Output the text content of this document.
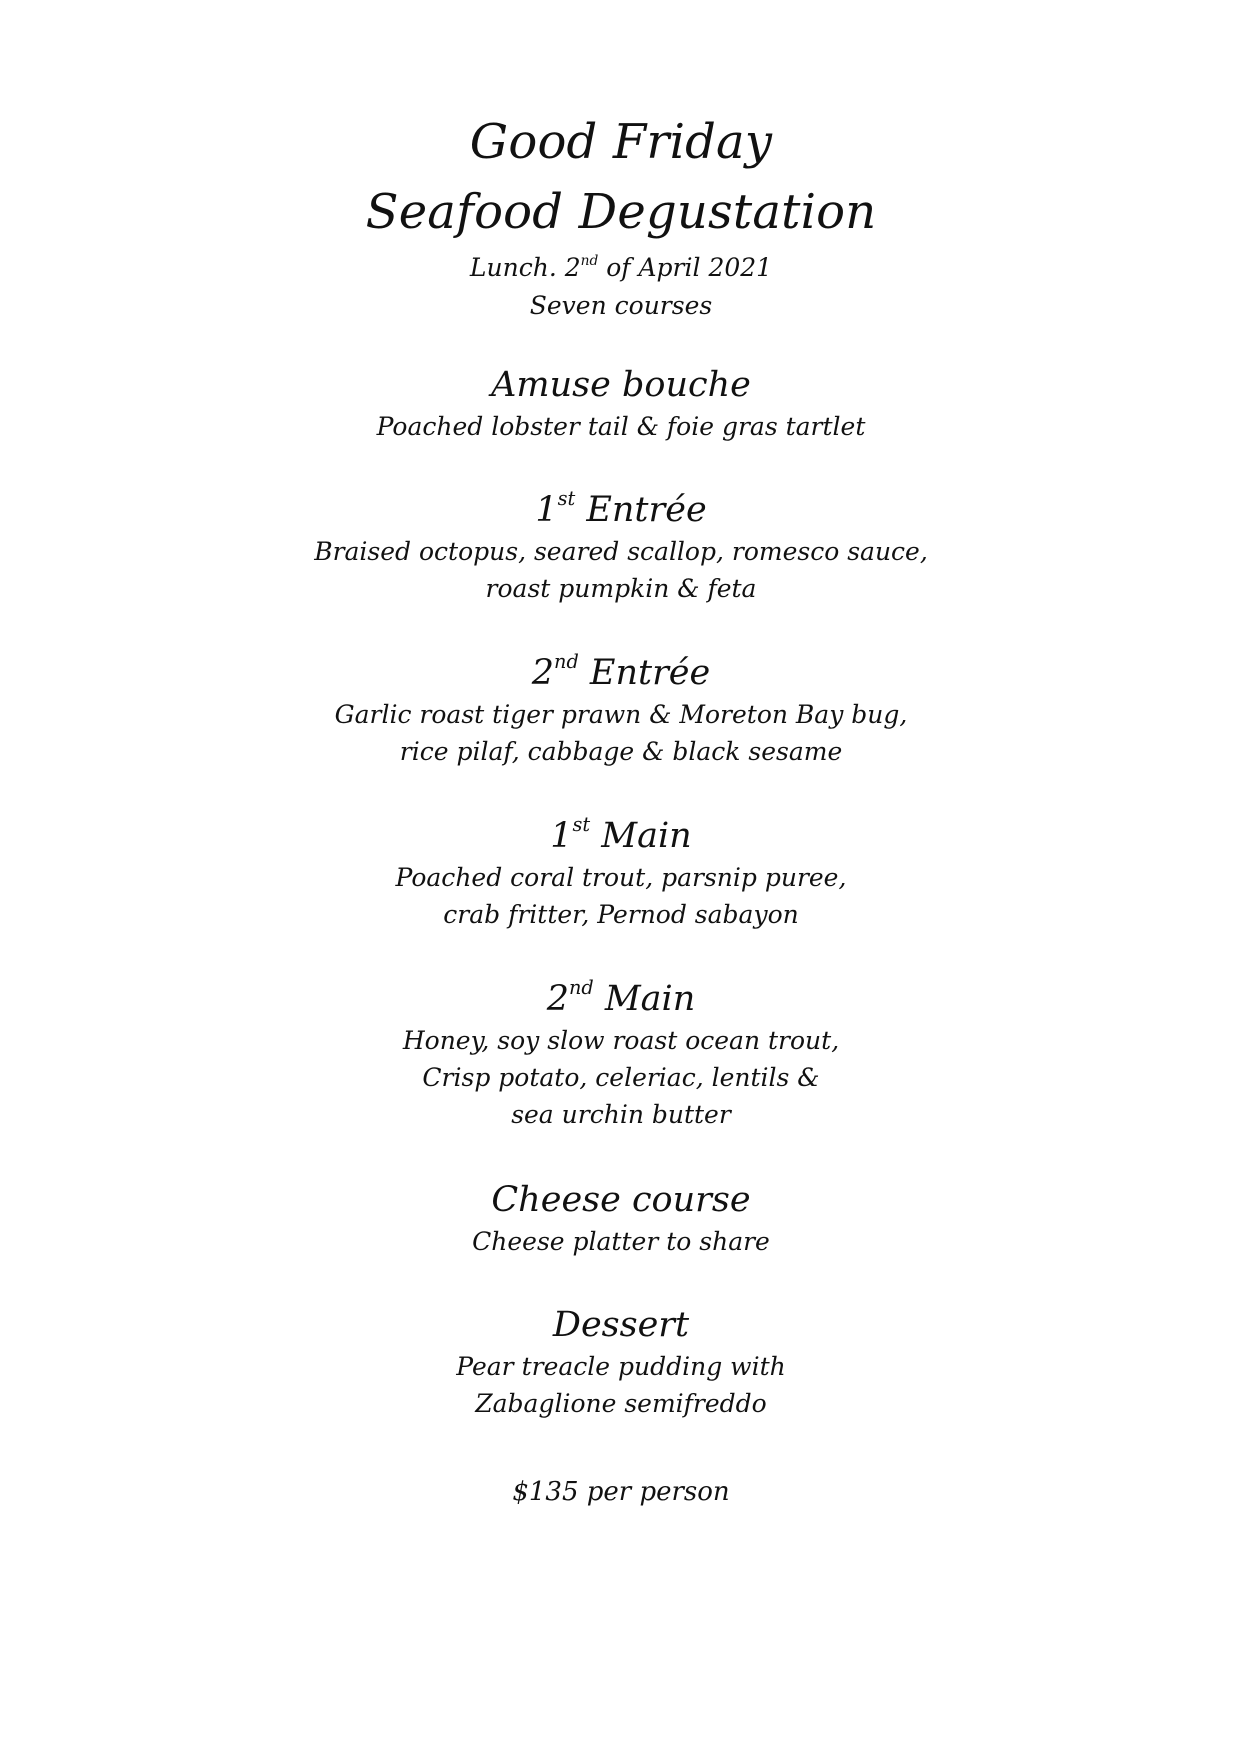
Good Friday
Seafood Degustation

Lunch. 2nd of April 2021

Seven courses

Amuse bouche

Poached lobster tail & foie gras tartlet

1st Entrée

Braised octopus, seared scallop, romesco sauce,

roast pumpkin & feta

2nd Entrée

Garlic roast tiger prawn & Moreton Bay bug,

rice pilaf, cabbage & black sesame

1st Main

Poached coral trout, parsnip puree,

crab fritter, Pernod sabayon

2nd Main

Honey, soy slow roast ocean trout,

Crisp potato, celeriac, lentils &

sea urchin butter

Cheese course

Cheese platter to share

Dessert

Pear treacle pudding with

Zabaglione semifreddo

$135 per person
